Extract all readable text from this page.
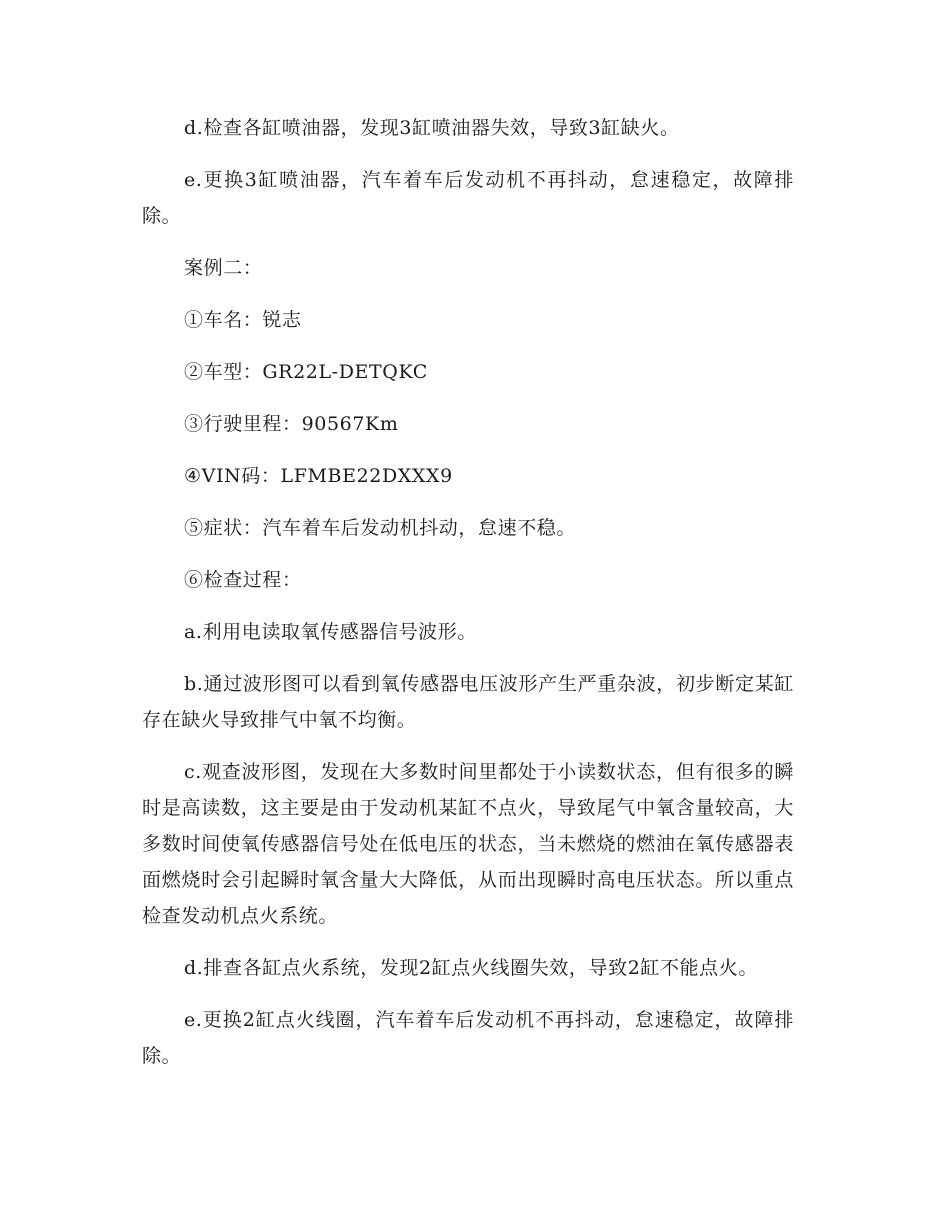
d.检查各缸喷油器，发现3缸喷油器失效，导致3缸缺火。

e.更换3缸喷油器，汽车着车后发动机不再抖动，怠速稳定，故障排除。

案例二：

①车名：锐志

②车型：GR22L-DETQKC

③行驶里程：90567Km

④VIN码：LFMBE22DXXX9

⑤症状：汽车着车后发动机抖动，怠速不稳。

⑥检查过程：

a.利用电读取氧传感器信号波形。

b.通过波形图可以看到氧传感器电压波形产生严重杂波，初步断定某缸存在缺火导致排气中氧不均衡。

c.观查波形图，发现在大多数时间里都处于小读数状态，但有很多的瞬时是高读数，这主要是由于发动机某缸不点火，导致尾气中氧含量较高，大多数时间使氧传感器信号处在低电压的状态，当未燃烧的燃油在氧传感器表面燃烧时会引起瞬时氧含量大大降低，从而出现瞬时高电压状态。所以重点检查发动机点火系统。

d.排查各缸点火系统，发现2缸点火线圈失效，导致2缸不能点火。

e.更换2缸点火线圈，汽车着车后发动机不再抖动，怠速稳定，故障排除。
